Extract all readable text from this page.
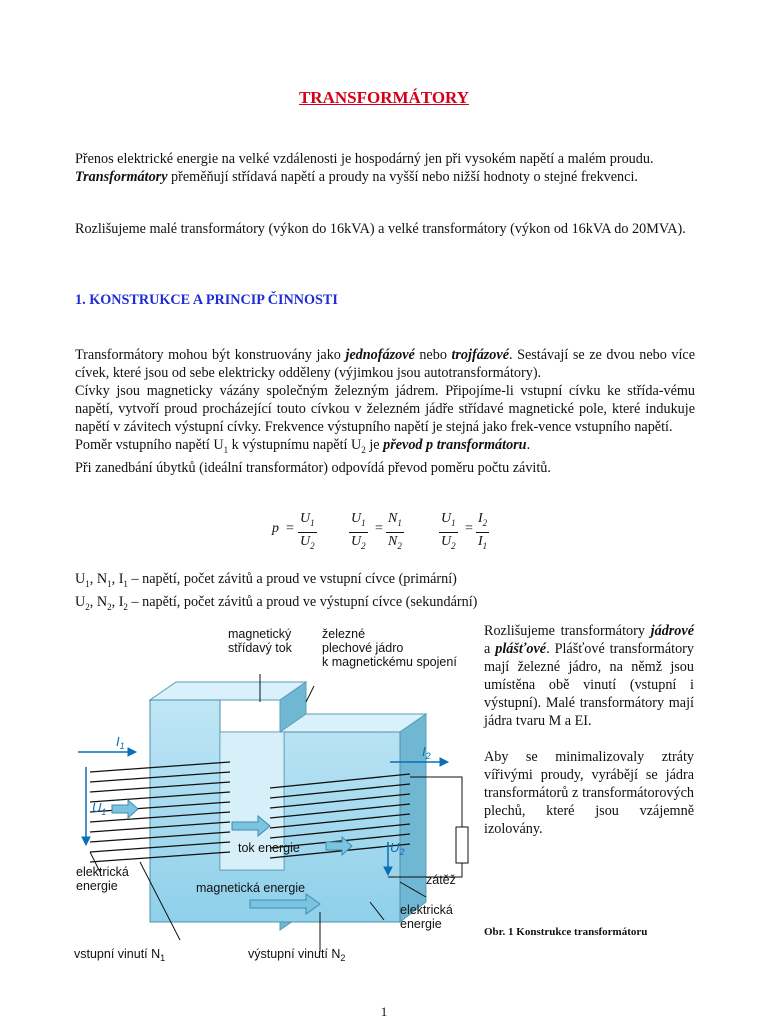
TRANSFORMÁTORY

Přenos elektrické energie na velké vzdálenosti je hospodárný jen při vysokém napětí a malém proudu.

Transformátory přeměňují střídavá napětí a proudy na vyšší nebo nižší hodnoty o stejné frekvenci.

Rozlišujeme malé transformátory (výkon do 16kVA) a velké transformátory (výkon od 16kVA do 20MVA).

1. KONSTRUKCE A PRINCIP ČINNOSTI

Transformátory mohou být konstruovány jako jednofázové nebo trojfázové. Sestávají se ze dvou nebo více cívek, které jsou od sebe elektricky odděleny (výjimkou jsou autotransformátory).

Cívky jsou magneticky vázány společným železným jádrem. Připojíme-li vstupní cívku ke střída-vému napětí, vytvoří proud procházející touto cívkou v železném jádře střídavé magnetické pole, které indukuje napětí v závitech výstupní cívky. Frekvence výstupního napětí je stejná jako frek-vence vstupního napětí.

Poměr vstupního napětí $U_1$ k výstupnímu napětí $U_2$ je převod p transformátoru.

Při zanedbání úbytků (ideální transformátor) odpovídá převod poměru počtu závitů.

p =
$U_1$
$U_2$
$U_1$
$U_2$
=
$N_1$
$N_2$
$U_1$
$U_2$
=
$I_2$
$I_1$

$U_1$, $N_1$, $I_1$ – napětí, počet závitů a proud ve vstupní cívce (primární)

$U_2$, $N_2$, $I_2$ – napětí, počet závitů a proud ve výstupní cívce (sekundární)

magnetický
střídavý tok
železné
plechové jádro
k magnetickému spojení
$I_1$	$I_2$
$U_1$
$U_2$
tok energie
magnetická energie
elektrická
energie
elektrická
energie
zátěž
vstupní vinutí $N_1$	výstupní vinutí $N_2$

Rozlišujeme transformátory jádrové a plášťové. Plášťové transformátory mají železné jádro, na němž jsou umístěna obě vinutí (vstupní i výstupní). Malé transformátory mají jádra tvaru M a EI.

Aby se minimalizovaly ztráty vířivými proudy, vyrábějí se jádra transformátorů z transformátorových plechů, které jsou vzájemně izolovány.

Obr. 1 Konstrukce transformátoru
1
